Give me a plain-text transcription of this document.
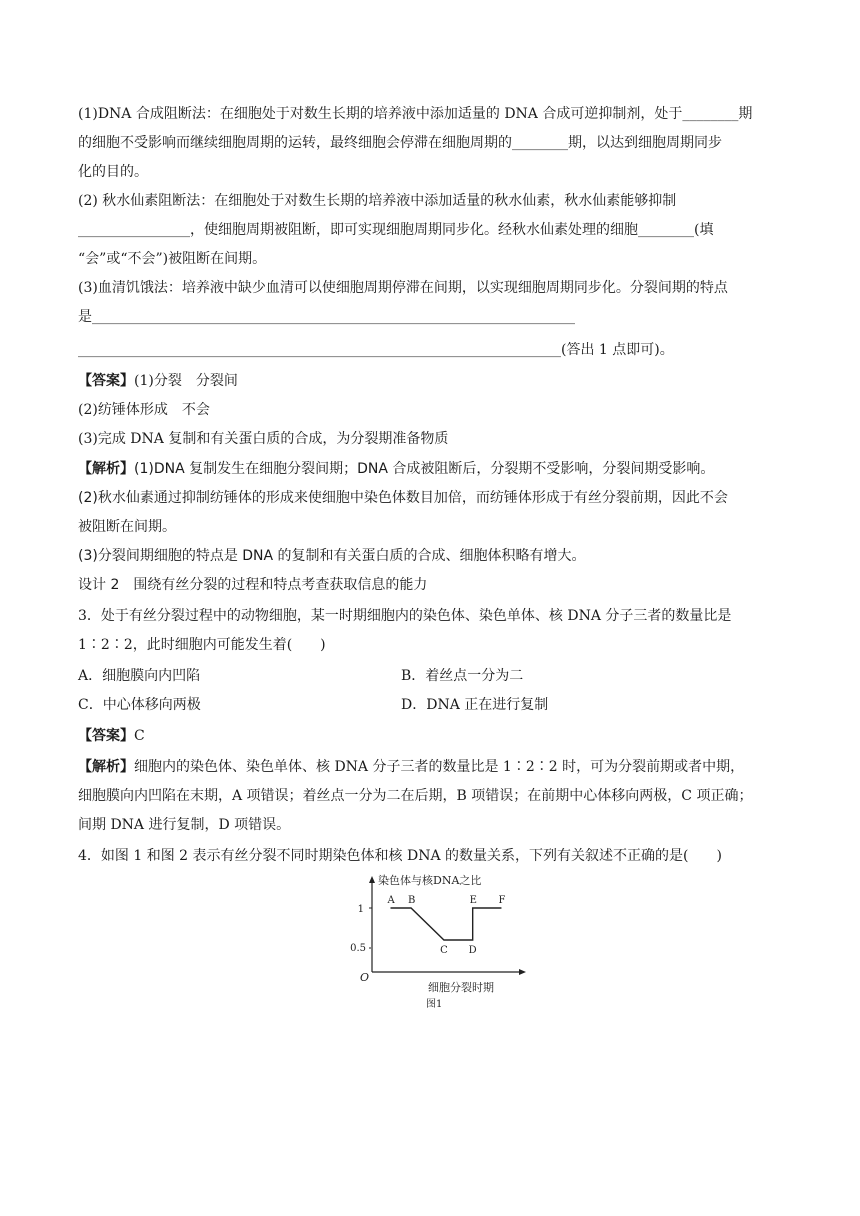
(1)DNA 合成阻断法：在细胞处于对数生长期的培养液中添加适量的 DNA 合成可逆抑制剂，处于________期
的细胞不受影响而继续细胞周期的运转，最终细胞会停滞在细胞周期的________期，以达到细胞周期同步
化的目的。
(2) 秋水仙素阻断法：在细胞处于对数生长期的培养液中添加适量的秋水仙素，秋水仙素能够抑制
________________，使细胞周期被阻断，即可实现细胞周期同步化。经秋水仙素处理的细胞________(填
“会”或“不会”)被阻断在间期。
(3)血清饥饿法：培养液中缺少血清可以使细胞周期停滞在间期，以实现细胞周期同步化。分裂间期的特点
是_____________________________________________________________________
_____________________________________________________________________(答出 1 点即可)。
【答案】(1)分裂　分裂间
(2)纺锤体形成　不会
(3)完成 DNA 复制和有关蛋白质的合成，为分裂期准备物质
【解析】(1)DNA 复制发生在细胞分裂间期；DNA 合成被阻断后，分裂期不受影响，分裂间期受影响。
(2)秋水仙素通过抑制纺锤体的形成来使细胞中染色体数目加倍，而纺锤体形成于有丝分裂前期，因此不会
被阻断在间期。
(3)分裂间期细胞的特点是 DNA 的复制和有关蛋白质的合成、细胞体积略有增大。
设计 2　围绕有丝分裂的过程和特点考查获取信息的能力
3．处于有丝分裂过程中的动物细胞，某一时期细胞内的染色体、染色单体、核 DNA 分子三者的数量比是
1∶2∶2，此时细胞内可能发生着(　　)
A．细胞膜向内凹陷	B．着丝点一分为二
C．中心体移向两极	D．DNA 正在进行复制
【答案】C
【解析】细胞内的染色体、染色单体、核 DNA 分子三者的数量比是 1∶2∶2 时，可为分裂前期或者中期，
细胞膜向内凹陷在末期，A 项错误；着丝点一分为二在后期，B 项错误；在前期中心体移向两极，C 项正确；
间期 DNA 进行复制，D 项错误。
4．如图 1 和图 2 表示有丝分裂不同时期染色体和核 DNA 的数量关系，下列有关叙述不正确的是(　　)
染色体与核DNA之比
细胞分裂时期
O
图1
1
0.5
A B
C D
E F
